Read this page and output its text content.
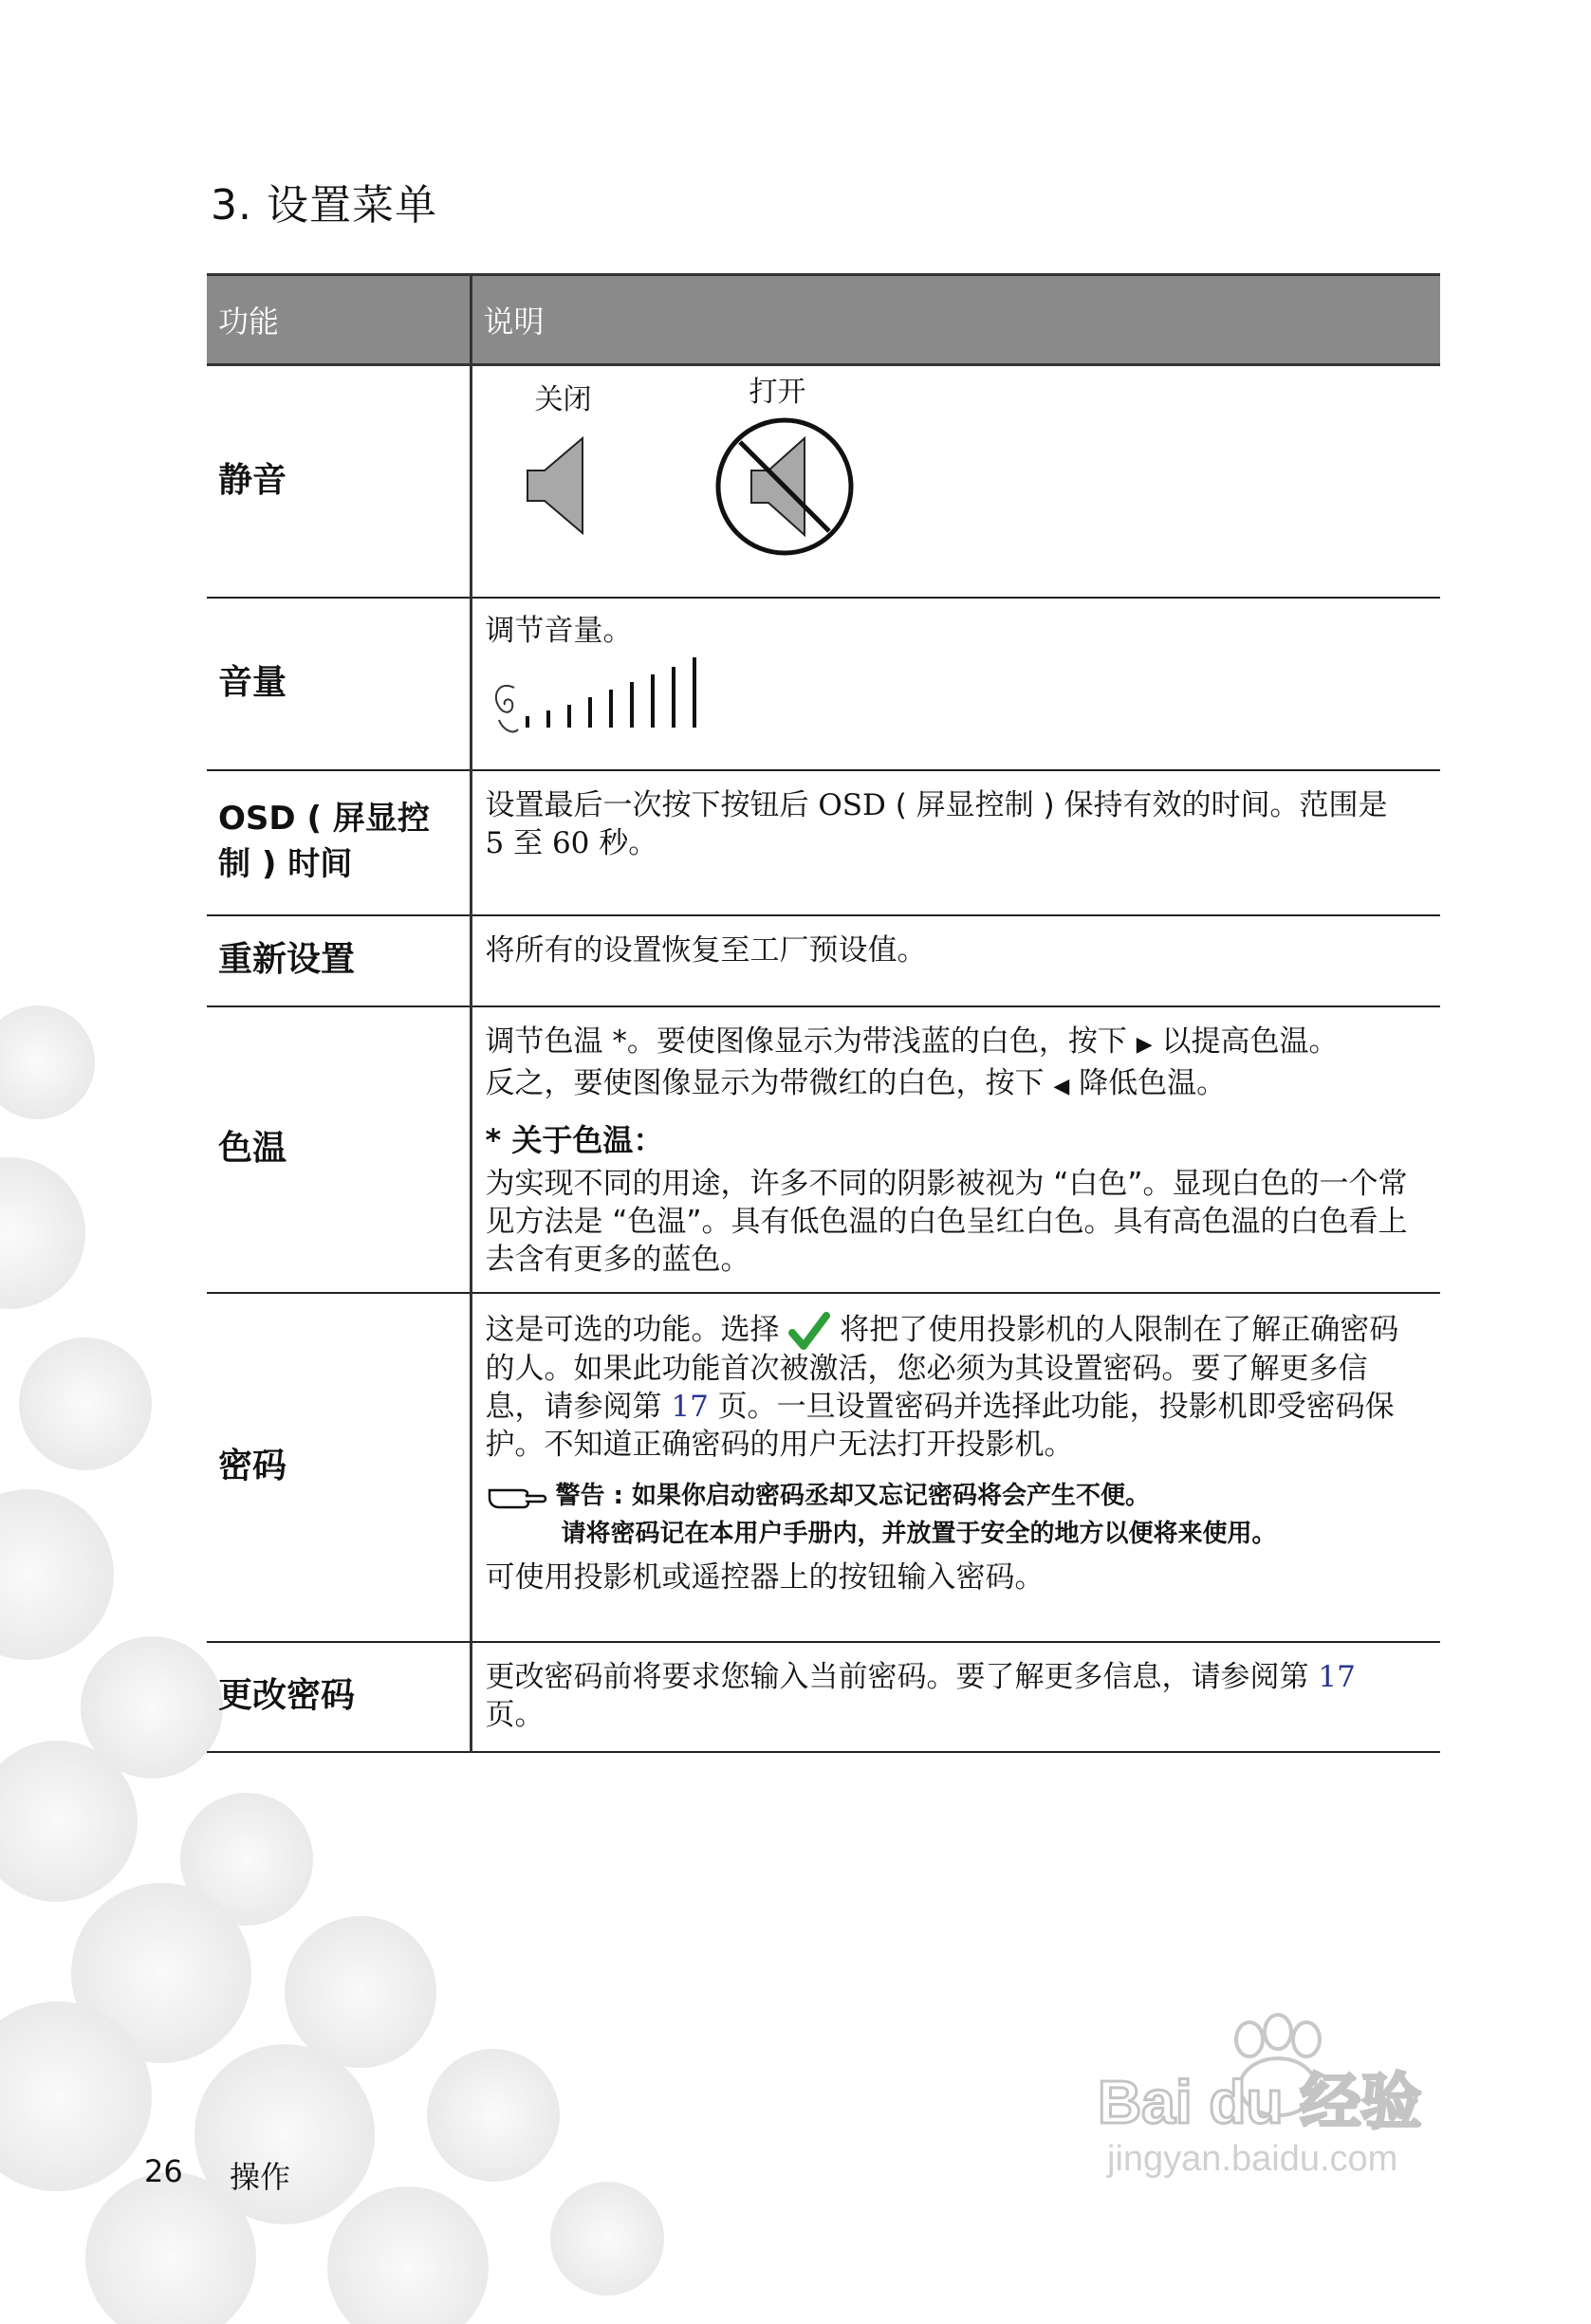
3. 设置菜单
功能	说明
静音	关闭 打开

音量	调节音量。

OSD ( 屏显控制 ) 时间	设置最后一次按下按钮后 OSD ( 屏显控制 ) 保持有效的时间。范围是 5 至 60 秒。

重新设置	将所有的设置恢复至工厂预设值。
色温	调节色温 *。要使图像显示为带浅蓝的白色，按下 ▶ 以提高色温。

反之，要使图像显示为带微红的白色，按下 ◀ 降低色温。

* 关于色温：

为实现不同的用途，许多不同的阴影被视为 “白色”。显现白色的一个常见方法是 “色温”。具有低色温的白色呈红白色。具有高色温的白色看上去含有更多的蓝色。

密码	这是可选的功能。选择  将把了使用投影机的人限制在了解正确密码的人。如果此功能首次被激活，您必须为其设置密码。要了解更多信息，请参阅第 17 页。一旦设置密码并选择此功能，投影机即受密码保护。不知道正确密码的用户无法打开投影机。

警告 : 如果你启动密码丞却又忘记密码将会产生不便。
请将密码记在本用户手册内，并放置于安全的地方以便将来使用。

可使用投影机或遥控器上的按钮输入密码。

更改密码	更改密码前将要求您输入当前密码。要了解更多信息，请参阅第 17
页。

26 操作
Bai du 经验
jingyan.baidu.com
